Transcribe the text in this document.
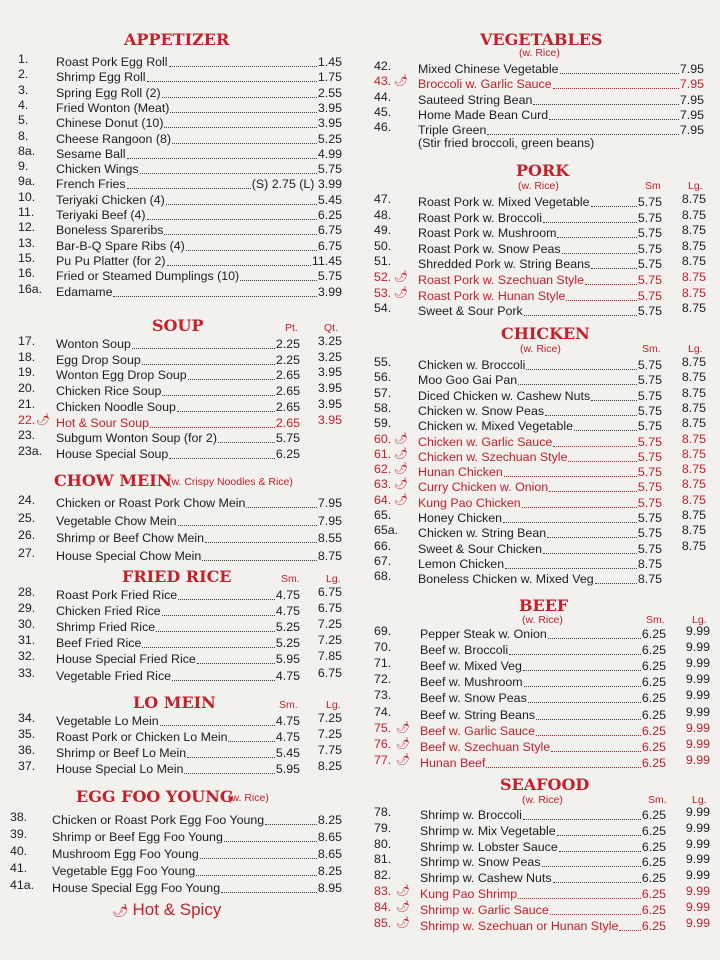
APPETIZER
SOUP	Pt. Qt.
CHOW MEIN
(w. Crispy Noodles & Rice)
FRIED RICE	Sm.	Lg.
LO MEIN	Sm.	Lg.
EGG FOO YOUNG
(w. Rice)
🌶︎ Hot & Spicy
1. Roast Pork Egg Roll	1.45
2. Shrimp Egg Roll	1.75
3. Spring Egg Roll (2)	2.55
4. Fried Wonton (Meat)	3.95
5. Chinese Donut (10)	3.95
8. Cheese Rangoon (8)	5.25
8a. Sesame Ball	4.99
9. Chicken Wings	5.75
9a. French Fries	(S) 2.75 (L) 3.99
10. Teriyaki Chicken (4)	5.45
11. Teriyaki Beef (4)	6.25
12. Boneless Spareribs	6.75
13. Bar-B-Q Spare Ribs (4)	6.75
15. Pu Pu Platter (for 2)	11.45
16. Fried or Steamed Dumplings (10)	5.75
16a. Edamame	3.99
17. Wonton Soup	2.25	3.25
18. Egg Drop Soup	2.25	3.25
19. Wonton Egg Drop Soup	2.65	3.95
20. Chicken Rice Soup	2.65	3.95
21. Chicken Noodle Soup	2.65	3.95
22. 🌶︎ Hot & Sour Soup	2.65	3.95
23. Subgum Wonton Soup (for 2)	5.75
23a. House Special Soup	6.25
24. Chicken or Roast Pork Chow Mein	7.95
25. Vegetable Chow Mein	7.95
26. Shrimp or Beef Chow Mein	8.55
27. House Special Chow Mein	8.75
28. Roast Pork Fried Rice	4.75	6.75
29. Chicken Fried Rice	4.75	6.75
30. Shrimp Fried Rice	5.25	7.25
31. Beef Fried Rice	5.25	7.25
32. House Special Fried Rice	5.95	7.85
33. Vegetable Fried Rice	4.75	6.75
34. Vegetable Lo Mein	4.75	7.25
35. Roast Pork or Chicken Lo Mein	4.75	7.25
36. Shrimp or Beef Lo Mein	5.45	7.75
37. House Special Lo Mein	5.95	8.25
38. Chicken or Roast Pork Egg Foo Young	8.25
39. Shrimp or Beef Egg Foo Young	8.65
40. Mushroom Egg Foo Young	8.65
41. Vegetable Egg Foo Young	8.25
41a. House Special Egg Foo Young	8.95
VEGETABLES
(w. Rice)
(Stir fried broccoli, green beans)
PORK
(w. Rice)	Sm	Lg.
CHICKEN
(w. Rice)	Sm.	Lg.
BEEF
(w. Rice)	Sm.	Lg.
SEAFOOD
(w. Rice)	Sm. Lg.
42. Mixed Chinese Vegetable	7.95
43. 🌶︎ Broccoli w. Garlic Sauce	7.95
44. Sauteed String Bean	7.95
45. Home Made Bean Curd	7.95
46. Triple Green	7.95
47. Roast Pork w. Mixed Vegetable	5.75	8.75
48. Roast Pork w. Broccoli	5.75	8.75
49. Roast Pork w. Mushroom	5.75	8.75
50. Roast Pork w. Snow Peas	5.75	8.75
51. Shredded Pork w. String Beans	5.75	8.75
52. 🌶︎ Roast Pork w. Szechuan Style	5.75	8.75
53. 🌶︎ Roast Pork w. Hunan Style	5.75	8.75
54. Sweet & Sour Pork	5.75	8.75
55. Chicken w. Broccoli	5.75	8.75
56. Moo Goo Gai Pan	5.75	8.75
57. Diced Chicken w. Cashew Nuts	5.75	8.75
58. Chicken w. Snow Peas	5.75	8.75
59. Chicken w. Mixed Vegetable	5.75	8.75
60. 🌶︎ Chicken w. Garlic Sauce	5.75	8.75
61. 🌶︎ Chicken w. Szechuan Style	5.75	8.75
62. 🌶︎ Hunan Chicken	5.75	8.75
63. 🌶︎ Curry Chicken w. Onion	5.75	8.75
64. 🌶︎ Kung Pao Chicken	5.75	8.75
65. Honey Chicken	5.75	8.75
65a. Chicken w. String Bean	5.75	8.75
66. Sweet & Sour Chicken	5.75	8.75
67. Lemon Chicken	8.75
68. Boneless Chicken w. Mixed Veg	8.75
69. Pepper Steak w. Onion	6.25	9.99
70. Beef w. Broccoli	6.25	9.99
71. Beef w. Mixed Veg	6.25	9.99
72. Beef w. Mushroom	6.25	9.99
73. Beef w. Snow Peas	6.25	9.99
74. Beef w. String Beans	6.25	9.99
75. 🌶︎ Beef w. Garlic Sauce	6.25	9.99
76. 🌶︎ Beef w. Szechuan Style	6.25	9.99
77. 🌶︎ Hunan Beef	6.25	9.99
78. Shrimp w. Broccoli	6.25	9.99
79. Shrimp w. Mix Vegetable	6.25	9.99
80. Shrimp w. Lobster Sauce	6.25	9.99
81. Shrimp w. Snow Peas	6.25	9.99
82. Shrimp w. Cashew Nuts	6.25	9.99
83. 🌶︎ Kung Pao Shrimp	6.25	9.99
84. 🌶︎ Shrimp w. Garlic Sauce	6.25	9.99
85. 🌶︎ Shrimp w. Szechuan or Hunan Style 6.25	9.99
